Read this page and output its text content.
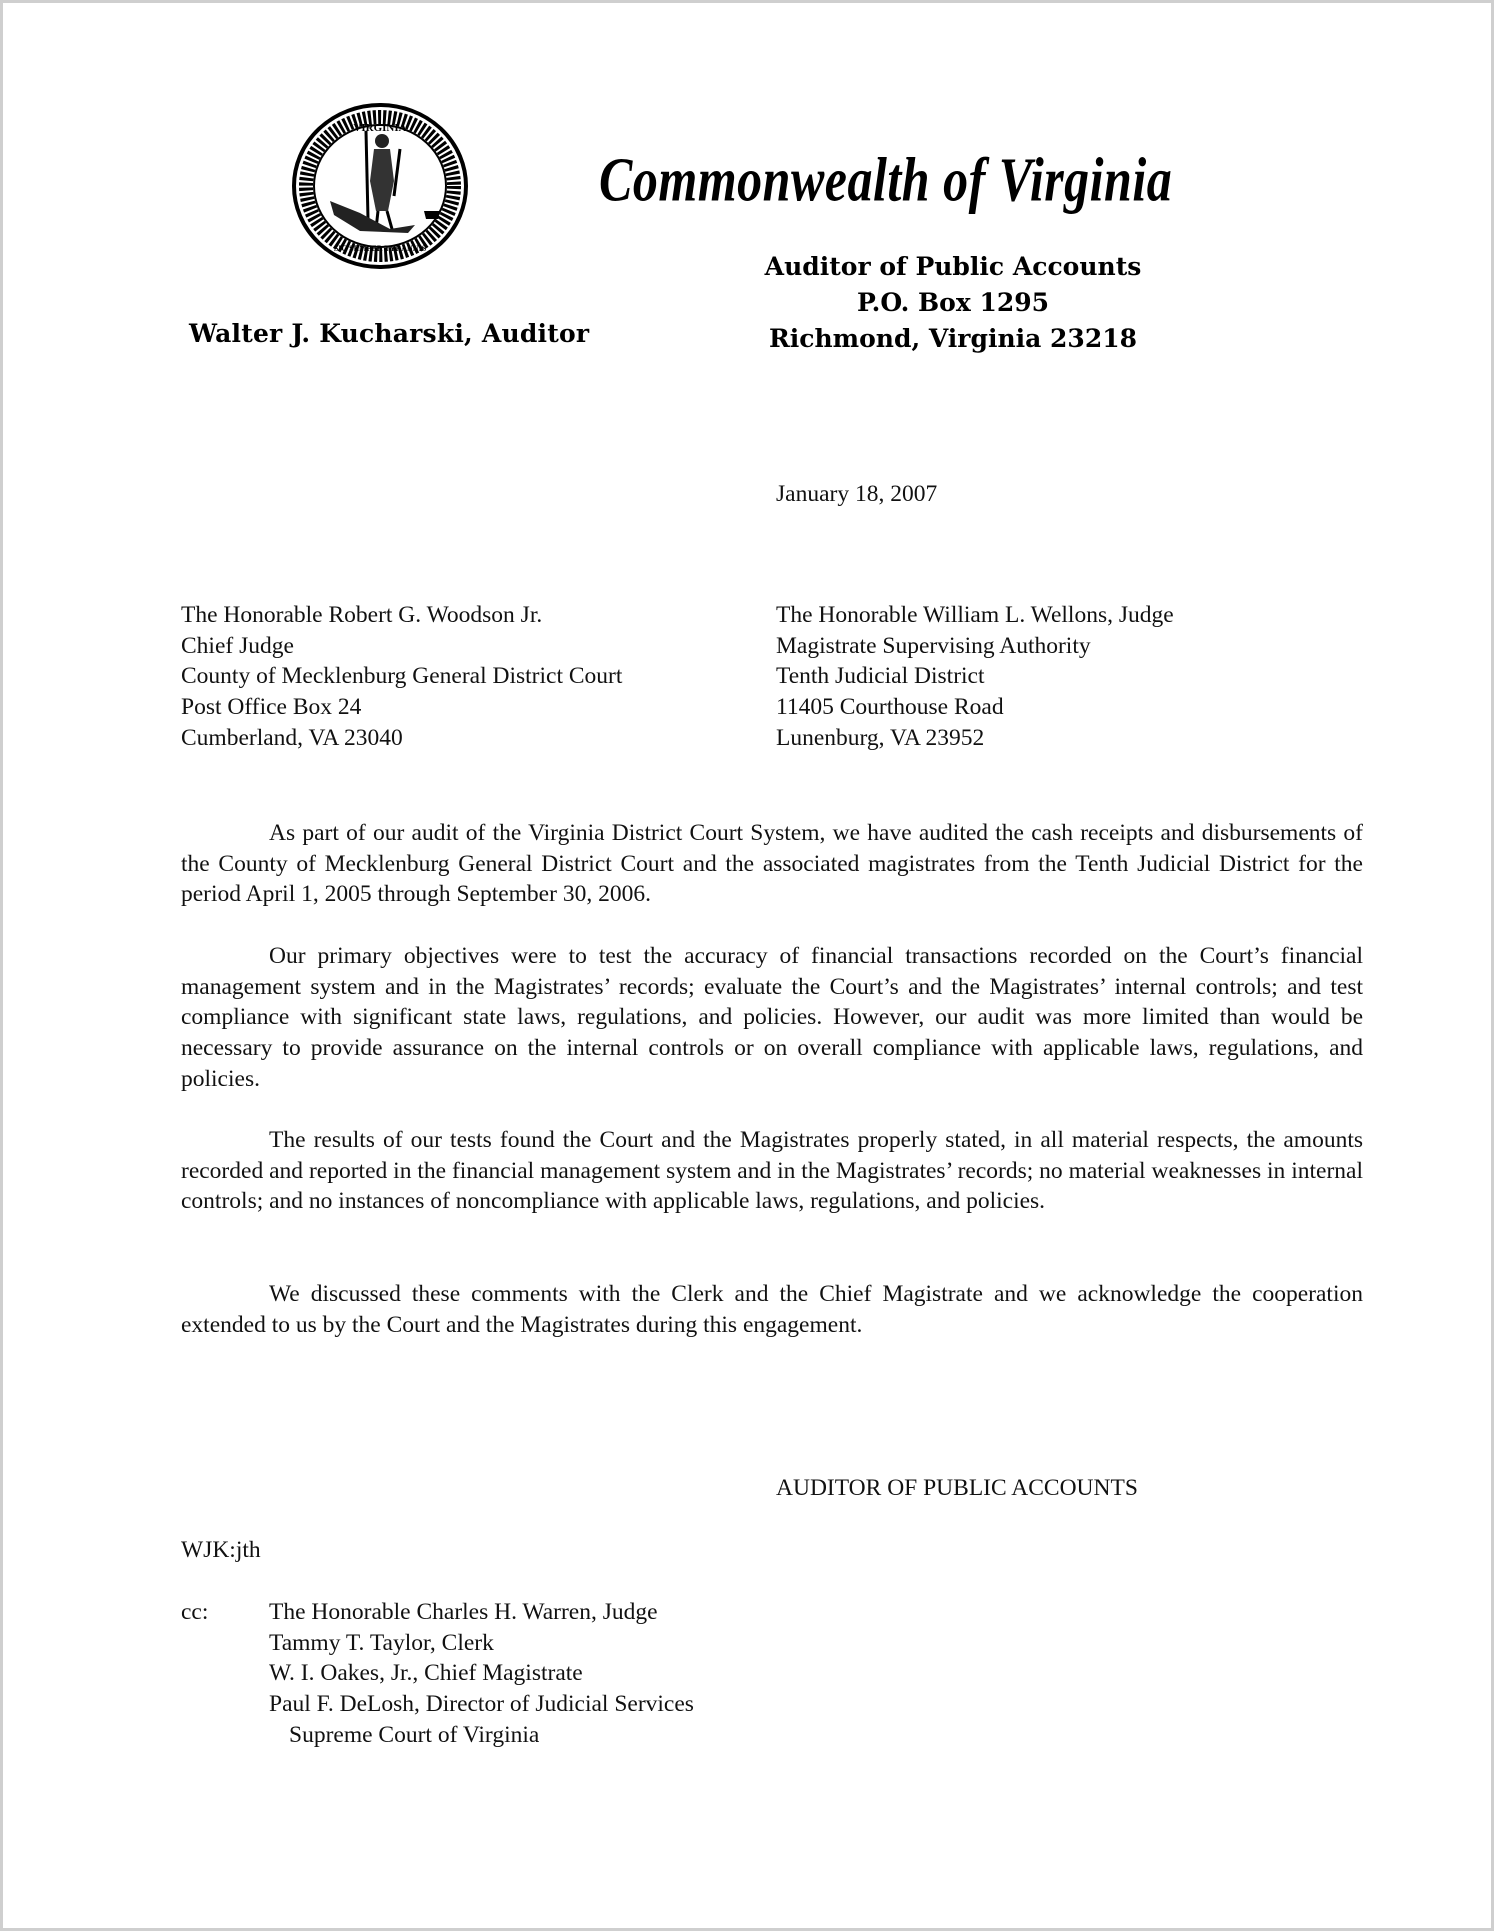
VIRGINIA
SIC SEMPER TYRANNIS
Commonwealth of Virginia
Walter J. Kucharski, Auditor
Auditor of Public Accounts
P.O. Box 1295
Richmond, Virginia 23218
January 18, 2007
The Honorable Robert G. Woodson Jr.
Chief Judge
County of Mecklenburg General District Court
Post Office Box 24
Cumberland, VA 23040
The Honorable William L. Wellons, Judge
Magistrate Supervising Authority
Tenth Judicial District
11405 Courthouse Road
Lunenburg, VA 23952

As part of our audit of the Virginia District Court System, we have audited the cash receipts and disbursements of the County of Mecklenburg General District Court and the associated magistrates from the Tenth Judicial District for the period April 1, 2005 through September 30, 2006.

Our primary objectives were to test the accuracy of financial transactions recorded on the Court’s financial management system and in the Magistrates’ records; evaluate the Court’s and the Magistrates’ internal controls; and test compliance with significant state laws, regulations, and policies. However, our audit was more limited than would be necessary to provide assurance on the internal controls or on overall compliance with applicable laws, regulations, and policies.

The results of our tests found the Court and the Magistrates properly stated, in all material respects, the amounts recorded and reported in the financial management system and in the Magistrates’ records; no material weaknesses in internal controls; and no instances of noncompliance with applicable laws, regulations, and policies.

We discussed these comments with the Clerk and the Chief Magistrate and we acknowledge the cooperation extended to us by the Court and the Magistrates during this engagement.

AUDITOR OF PUBLIC ACCOUNTS
WJK:jth
cc:	The Honorable Charles H. Warren, Judge
Tammy T. Taylor, Clerk
W. I. Oakes, Jr., Chief Magistrate
Paul F. DeLosh, Director of Judicial Services
Supreme Court of Virginia
